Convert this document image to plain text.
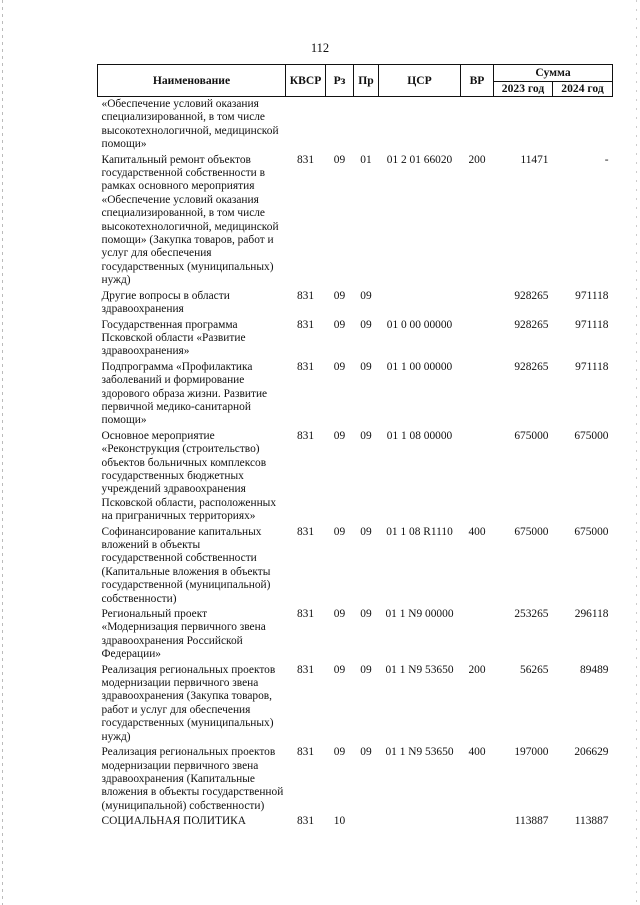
112
Наименование	КВСР	Рз	Пр	ЦСР	ВР	Сумма	
						2023 год	2024 год
«Обеспечение условий оказания специализированной, в том числе высокотехнологичной, медицинской помощи»							
Капитальный ремонт объектов государственной собственности в рамках основного мероприятия «Обеспечение условий оказания специализированной, в том числе высокотехнологичной, медицинской помощи» (Закупка товаров, работ и услуг для обеспечения государственных (муниципальных) нужд)	831	09	01	01 2 01 66020	200	11471	-
Другие вопросы в области здравоохранения	831	09	09			928265	971118
Государственная программа Псковской области «Развитие здравоохранения»	831	09	09	01 0 00 00000		928265	971118
Подпрограмма «Профилактика заболеваний и формирование здорового образа жизни. Развитие первичной медико-санитарной помощи»	831	09	09	01 1 00 00000		928265	971118
Основное мероприятие «Реконструкция (строительство) объектов больничных комплексов государственных бюджетных учреждений здравоохранения Псковской области, расположенных на приграничных территориях»	831	09	09	01 1 08 00000		675000	675000
Софинансирование капитальных вложений в объекты государственной собственности (Капитальные вложения в объекты государственной (муниципальной) собственности)	831	09	09	01 1 08 R1110	400	675000	675000
Региональный проект «Модернизация первичного звена здравоохранения Российской Федерации»	831	09	09	01 1 N9 00000		253265	296118
Реализация региональных проектов модернизации первичного звена здравоохранения (Закупка товаров, работ и услуг для обеспечения государственных (муниципальных) нужд)	831	09	09	01 1 N9 53650	200	56265	89489
Реализация региональных проектов модернизации первичного звена здравоохранения (Капитальные вложения в объекты государственной (муниципальной) собственности)	831	09	09	01 1 N9 53650	400	197000	206629
СОЦИАЛЬНАЯ ПОЛИТИКА	831	10				113887	113887
